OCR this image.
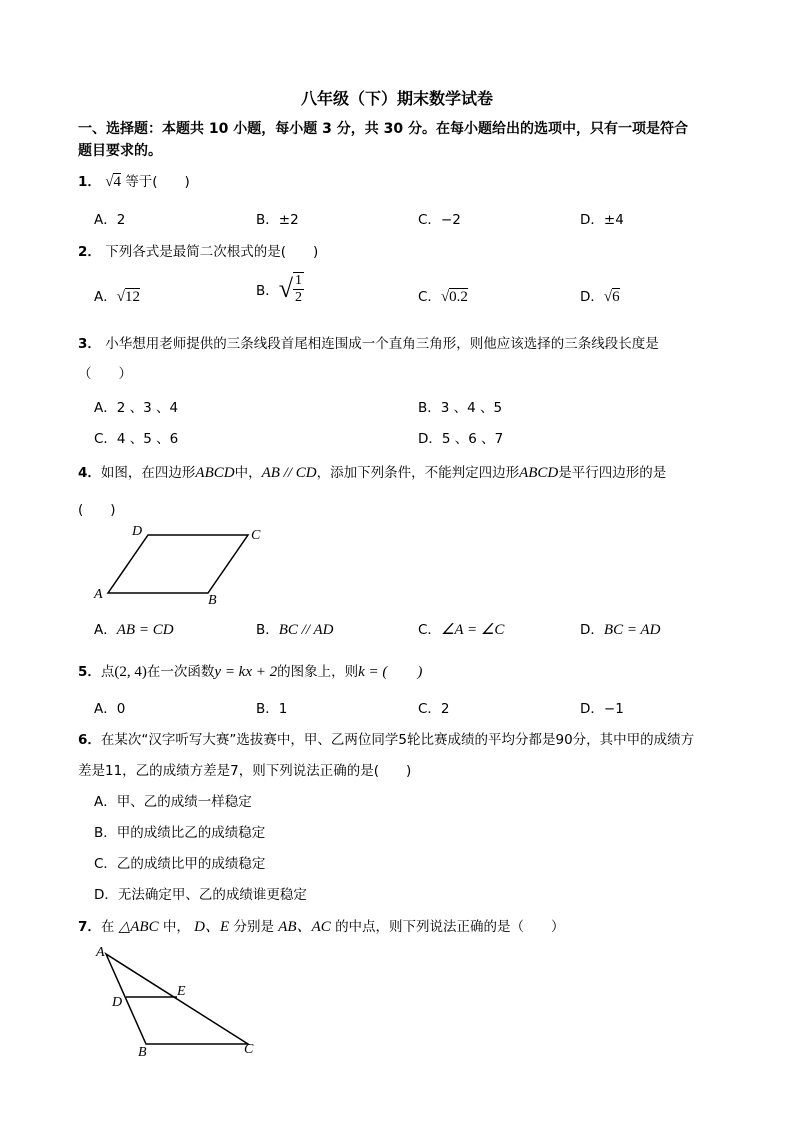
八年级（下）期末数学试卷
一、选择题：本题共 10 小题，每小题 3 分，共 30 分。在每小题给出的选项中，只有一项是符合
题目要求的。
1． √4 等于(　　)
A．2	B．±2	C．−2	D．±4
2． 下列各式是最简二次根式的是(　　)
A．√12	B．√ $\frac{1}{2}$	C．√0.2	D．√6
3． 小华想用老师提供的三条线段首尾相连围成一个直角三角形，则他应该选择的三条线段长度是
（　　）
A．2 、3 、4	B．3 、4 、5
C．4 、5 、6	D．5 、6 、7
4．如图，在四边形ABCD中，AB // CD，添加下列条件，不能判定四边形ABCD是平行四边形的是
(　　)
A	B
C
D
A．AB = CD	B．BC // AD	C．∠A = ∠C	D．BC = AD
5．点(2, 4)在一次函数y = kx + 2的图象上，则k = (　　)
A．0	B．1	C．2	D．−1
6．在某次“汉字听写大赛”选拔赛中，甲、乙两位同学5轮比赛成绩的平均分都是90分，其中甲的成绩方
差是11，乙的成绩方差是7，则下列说法正确的是(　　)
A．甲、乙的成绩一样稳定
B．甲的成绩比乙的成绩稳定
C．乙的成绩比甲的成绩稳定
D．无法确定甲、乙的成绩谁更稳定
7．在 △ABC 中， D、E 分别是 AB、AC 的中点，则下列说法正确的是（　　）
A
B	C
D
E
